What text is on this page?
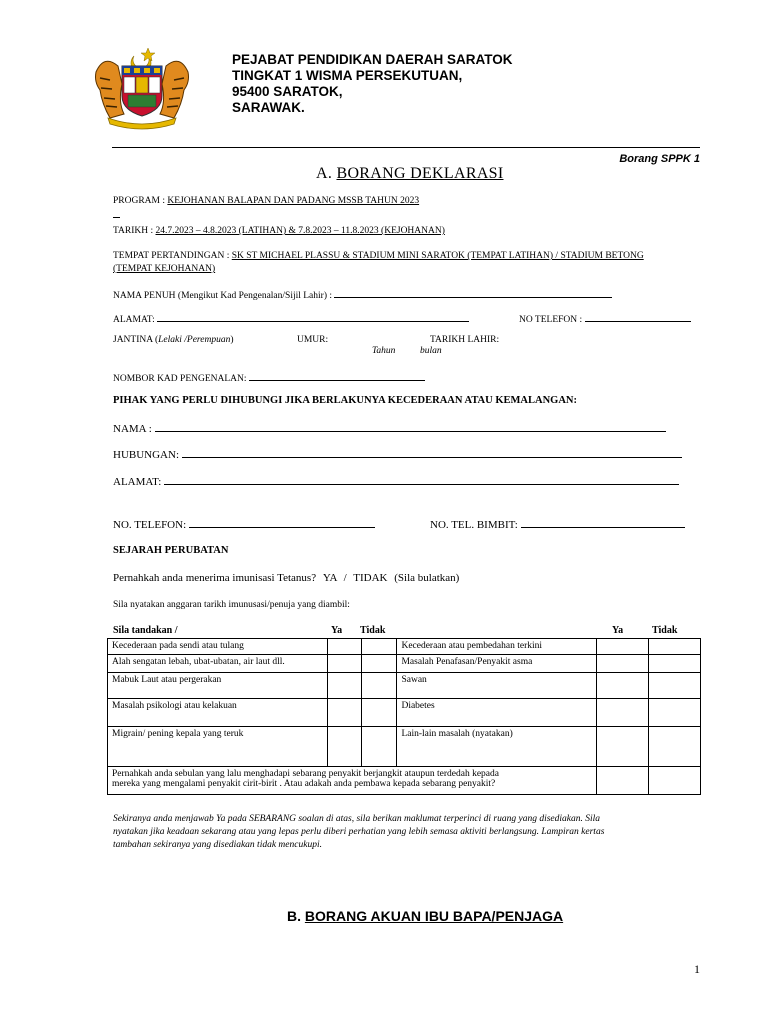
PEJABAT PENDIDIKAN DAERAH SARATOK
TINGKAT 1 WISMA PERSEKUTUAN,
95400 SARATOK,
SARAWAK.
Borang SPPK 1
A. BORANG DEKLARASI
PROGRAM : KEJOHANAN BALAPAN DAN PADANG MSSB TAHUN 2023
TARIKH : 24.7.2023 – 4.8.2023 (LATIHAN) & 7.8.2023 – 11.8.2023 (KEJOHANAN)
TEMPAT PERTANDINGAN : SK ST MICHAEL PLASSU & STADIUM MINI SARATOK (TEMPAT LATIHAN) / STADIUM BETONG
(TEMPAT KEJOHANAN)
NAMA PENUH (Mengikut Kad Pengenalan/Sijil Lahir) :
ALAMAT:	NO TELEFON :
JANTINA (Lelaki /Perempuan)	UMUR:	TARIKH LAHIR:
Tahun	bulan
NOMBOR KAD PENGENALAN:
PIHAK YANG PERLU DIHUBUNGI JIKA BERLAKUNYA KECEDERAAN ATAU KEMALANGAN:
NAMA :
HUBUNGAN:
ALAMAT:
NO. TELEFON:	NO. TEL. BIMBIT:
SEJARAH PERUBATAN
Pernahkah anda menerima imunisasi Tetanus? YA / TIDAK (Sila bulatkan)
Sila nyatakan anggaran tarikh imunusasi/penuja yang diambil:
Sila tandakan /	Ya Tidak	Ya	Tidak
Kecederaan pada sendi atau tulang			Kecederaan atau pembedahan terkini		
Alah sengatan lebah, ubat-ubatan, air laut dll.			Masalah Penafasan/Penyakit asma		
Mabuk Laut atau pergerakan			Sawan		
Masalah psikologi atau kelakuan			Diabetes		
Migrain/ pening kepala yang teruk			Lain-lain masalah (nyatakan)		

Pernahkah anda sebulan yang lalu menghadapi sebarang penyakit berjangkit ataupun terdedah kepada
mereka yang mengalami penyakit cirit-birit . Atau adakah anda pembawa kepada sebarang penyakit?					

Sekiranya anda menjawab Ya pada SEBARANG soalan di atas, sila berikan maklumat terperinci di ruang yang disediakan. Sila
nyatakan jika keadaan sekarang atau yang lepas perlu diberi perhatian yang lebih semasa aktiviti berlangsung. Lampiran kertas
tambahan sekiranya yang disediakan tidak mencukupi.
B. BORANG AKUAN IBU BAPA/PENJAGA
1
